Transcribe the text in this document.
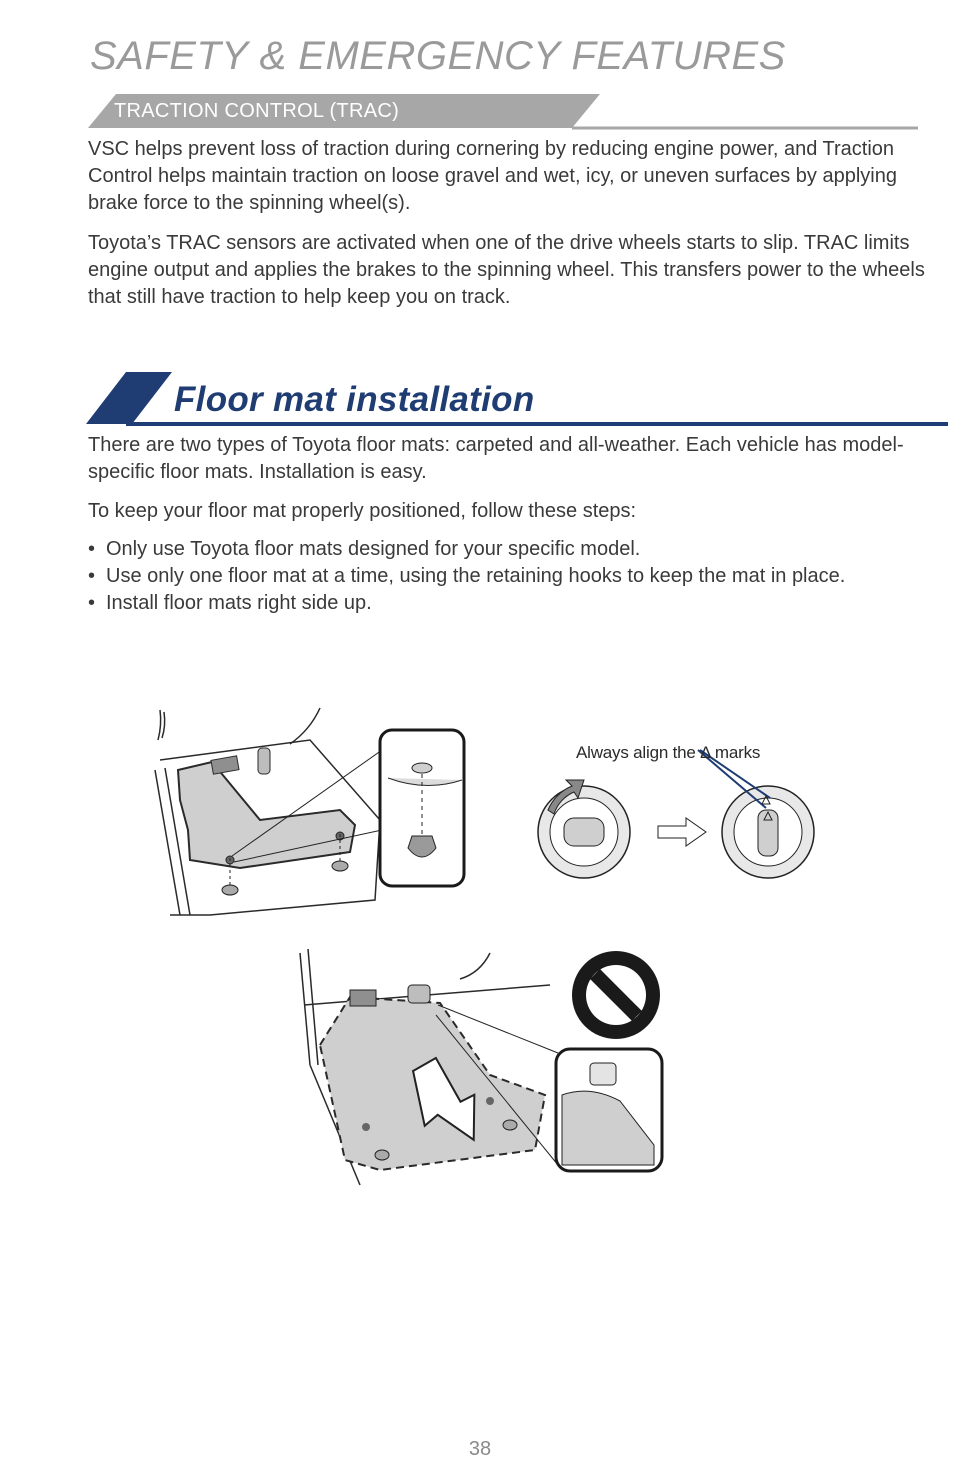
SAFETY & EMERGENCY FEATURES
TRACTION CONTROL (TRAC)

VSC helps prevent loss of traction during cornering by reducing engine power, and Traction Control helps maintain traction on loose gravel and wet, icy, or uneven surfaces by applying brake force to the spinning wheel(s).

Toyota’s TRAC sensors are activated when one of the drive wheels starts to slip. TRAC limits engine output and applies the brakes to the spinning wheel. This transfers power to the wheels that still have traction to help keep you on track.

Floor mat installation

There are two types of Toyota floor mats: carpeted and all-weather. Each vehicle has model-specific floor mats. Installation is easy.

To keep your floor mat properly positioned, follow these steps:

• Only use Toyota floor mats designed for your specific model.
• Use only one floor mat at a time, using the retaining hooks to keep the mat in place.
• Install floor mats right side up.
Always align the Δ marks
38
